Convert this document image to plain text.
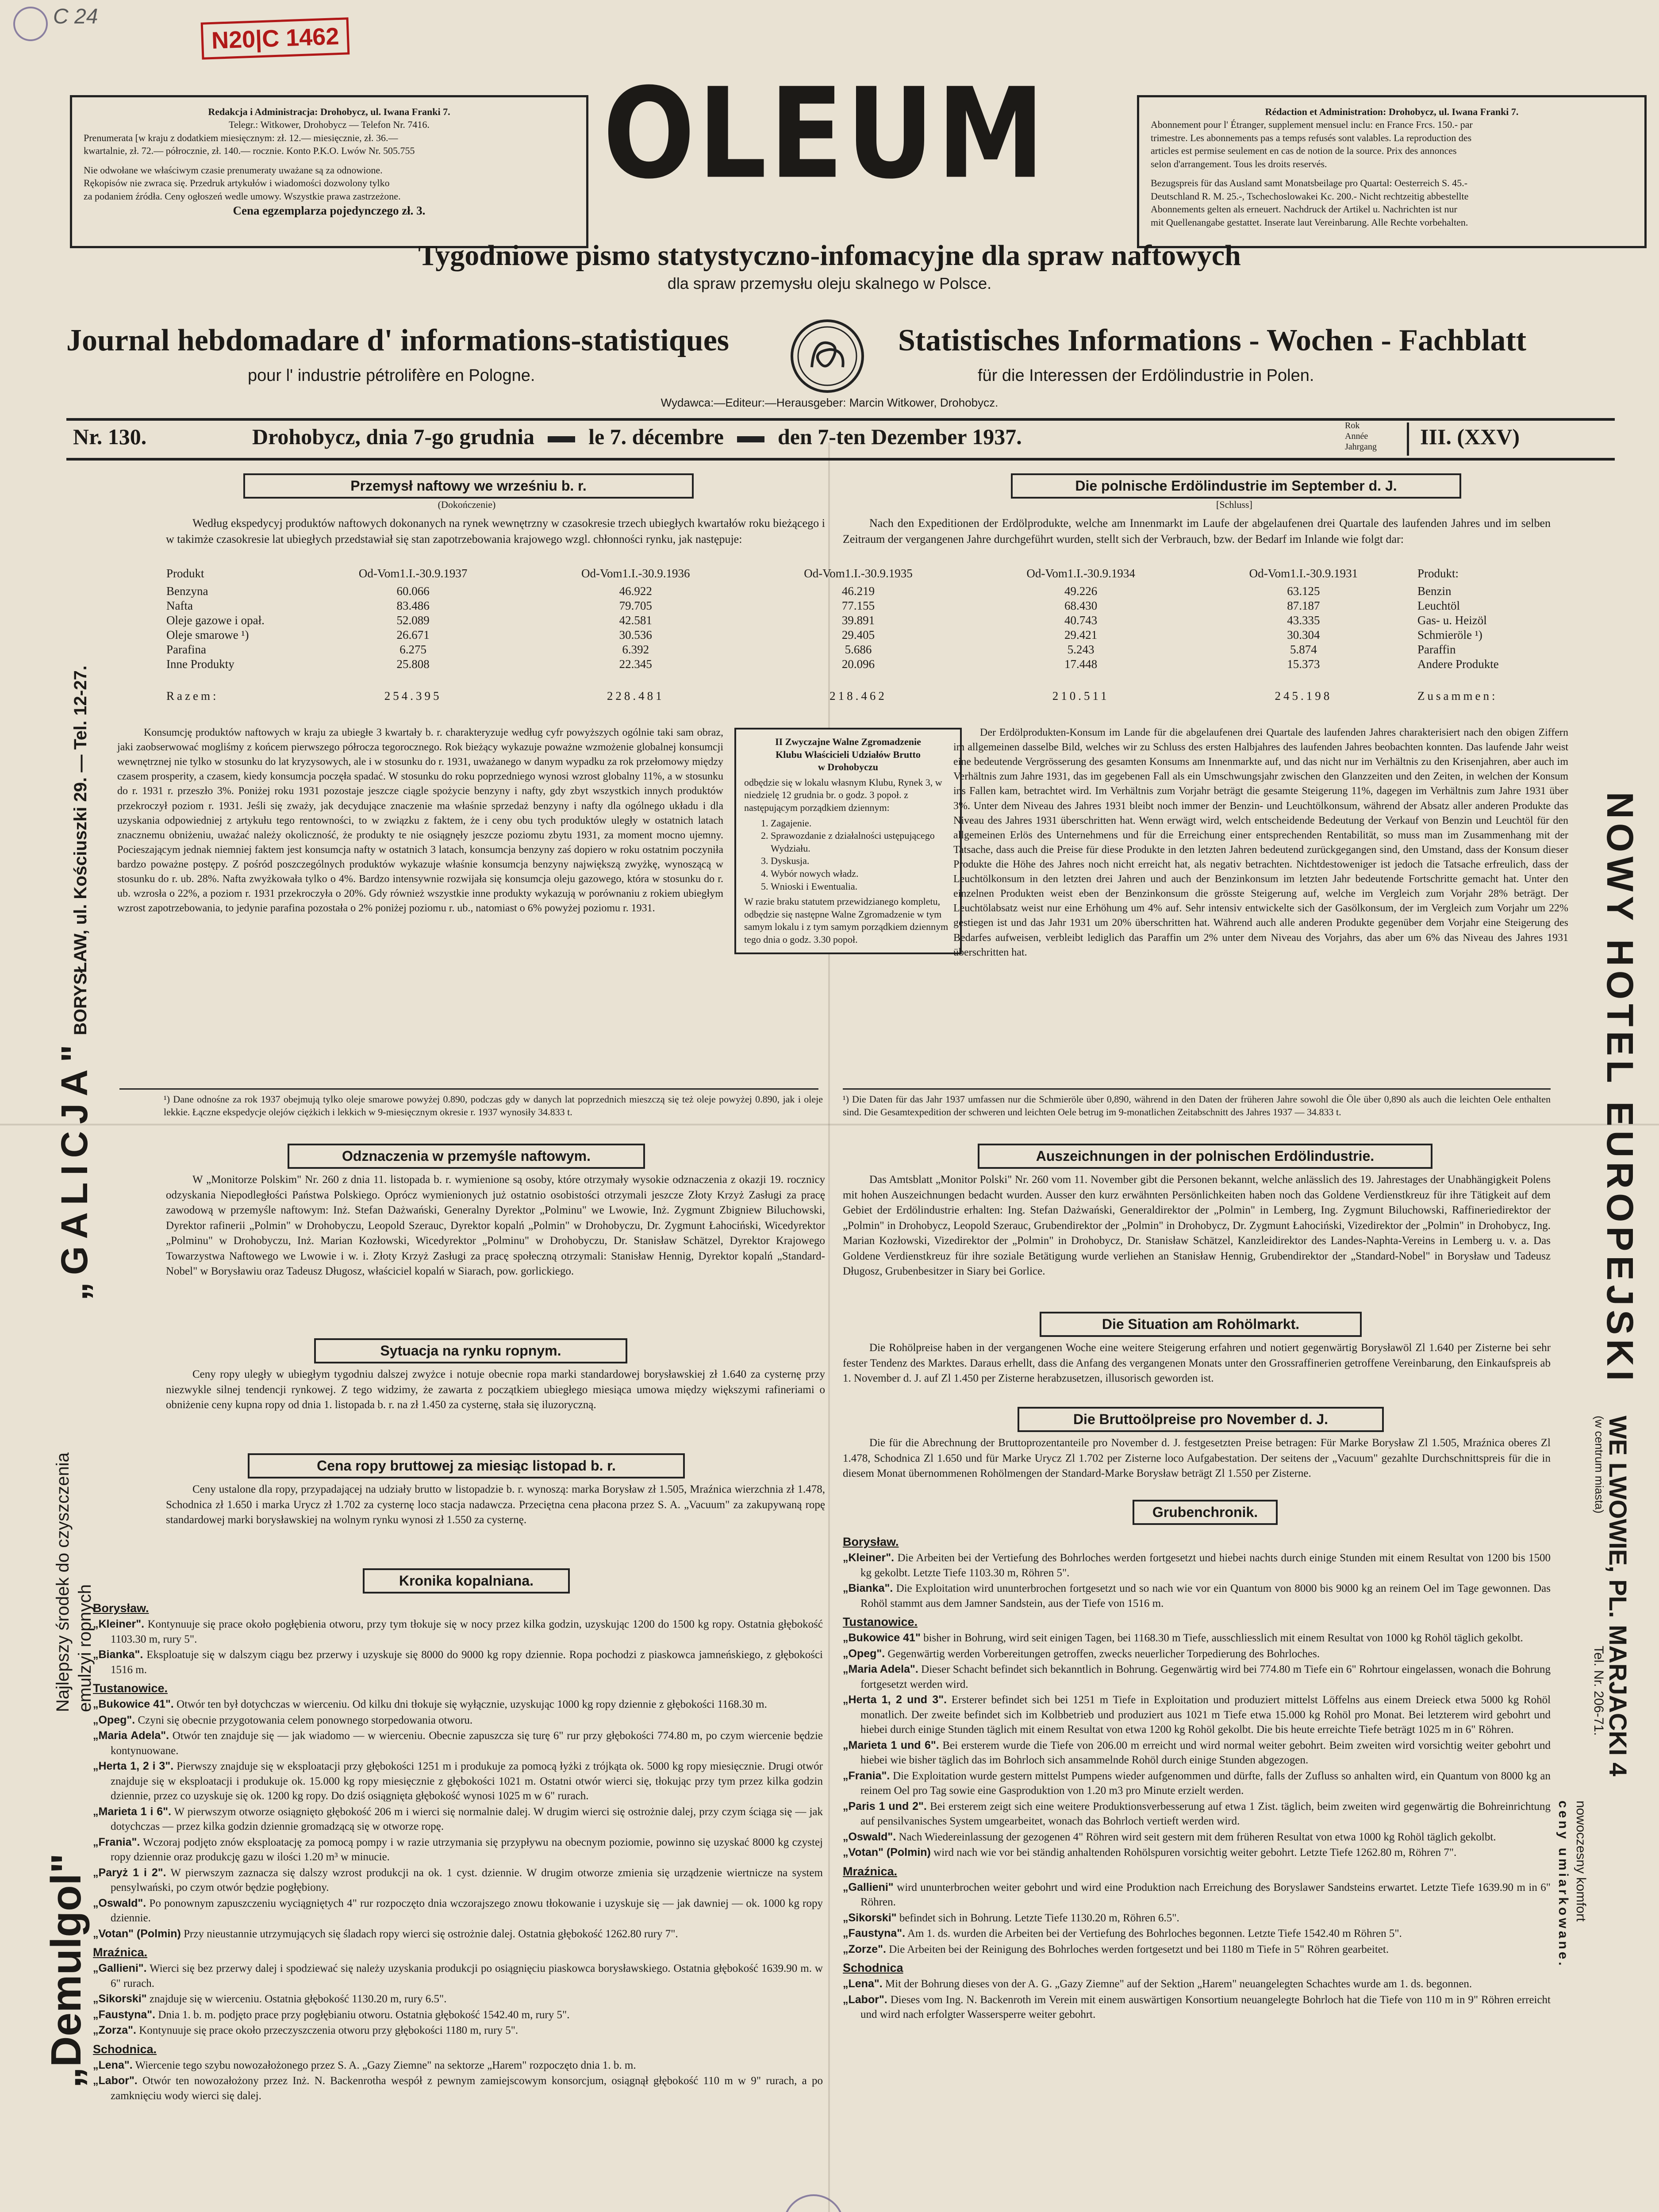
C 24
N20|C 1462

Redakcja i Administracja: Drohobycz, ul. Iwana Franki 7.

Telegr.: Witkower, Drohobycz — Telefon Nr. 7416.

Prenumerata [w kraju z dodatkiem miesięcznym: zł. 12.— miesięcznie, zł. 36.—

kwartalnie, zł. 72.— półrocznie, zł. 140.— rocznie. Konto P.K.O. Lwów Nr. 505.755

Nie odwołane we właściwym czasie prenumeraty uważane są za odnowione.

Rękopisów nie zwraca się. Przedruk artykułów i wiadomości dozwolony tylko

za podaniem źródła. Ceny ogłoszeń wedle umowy. Wszystkie prawa zastrzeżone.

Cena egzemplarza pojedynczego zł. 3.

Rédaction et Administration: Drohobycz, ul. Iwana Franki 7.

Abonnement pour l' Étranger, supplement mensuel inclu: en France Frcs. 150.- par

trimestre. Les abonnements pas a temps refusés sont valables. La reproduction des

articles est permise seulement en cas de notion de la source. Prix des annonces

selon d'arrangement. Tous les droits reservés.

Bezugspreis für das Ausland samt Monatsbeilage pro Quartal: Oesterreich S. 45.-

Deutschland R. M. 25.-, Tschechoslowakei Kc. 200.- Nicht rechtzeitig abbestellte

Abonnements gelten als erneuert. Nachdruck der Artikel u. Nachrichten ist nur

mit Quellenangabe gestattet. Inserate laut Vereinbarung. Alle Rechte vorbehalten.

OLEUM
Tygodniowe pismo statystyczno-infomacyjne dla spraw naftowych
dla spraw przemysłu oleju skalnego w Polsce.
Journal hebdomadare d' informations-statistiques
pour l' industrie pétrolifère en Pologne.
Statistisches Informations - Wochen - Fachblatt
für die Interessen der Erdölindustrie in Polen.
Wydawca:—Editeur:—Herausgeber: Marcin Witkower, Drohobycz.
Nr. 130.	Drohobycz, dnia 7-go grudnia le 7. décembre den 7-ten Dezember 1937.	Rok
Année
Jahrgang III. (XXV)
Przemysł naftowy we wrześniu b. r.
(Dokończenie)

Według ekspedycyj produktów naftowych dokonanych na rynek wewnętrzny w czasokresie trzech ubiegłych kwartałów roku bieżącego i w takimże czasokresie lat ubiegłych przedstawiał się stan zapotrzebowania krajowego wzgl. chłonności rynku, jak następuje:

Die polnische Erdölindustrie im September d. J.
[Schluss]

Nach den Expeditionen der Erdölprodukte, welche am Innenmarkt im Laufe der abgelaufenen drei Quartale des laufenden Jahres und im selben Zeitraum der vergangenen Jahre durchgeführt wurden, stellt sich der Verbrauch, bzw. der Bedarf im Inlande wie folgt dar:

Produkt	Od-Vom1.I.-30.9.1937	Od-Vom1.I.-30.9.1936	Od-Vom1.I.-30.9.1935	Od-Vom1.I.-30.9.1934	Od-Vom1.I.-30.9.1931	Produkt:
Benzyna	60.066	46.922	46.219	49.226	63.125	Benzin
Nafta	83.486	79.705	77.155	68.430	87.187	Leuchtöl
Oleje gazowe i opał.	52.089	42.581	39.891	40.743	43.335	Gas- u. Heizöl
Oleje smarowe ¹)	26.671	30.536	29.405	29.421	30.304	Schmieröle ¹)
Parafina	6.275	6.392	5.686	5.243	5.874	Paraffin
Inne Produkty	25.808	22.345	20.096	17.448	15.373	Andere Produkte
Razem:	254.395	228.481	218.462	210.511	245.198	Zusammen:

Konsumcję produktów naftowych w kraju za ubiegłe 3 kwartały b. r. charakteryzuje według cyfr powyższych ogólnie taki sam obraz, jaki zaobserwować mogliśmy z końcem pierwszego półrocza tegorocznego. Rok bieżący wykazuje poważne wzmożenie globalnej konsumcji wewnętrznej nie tylko w stosunku do lat kryzysowych, ale i w stosunku do r. 1931, uważanego w danym wypadku za rok przełomowy między czasem prosperity, a czasem, kiedy konsumcja poczęła spadać. W stosunku do roku poprzedniego wynosi wzrost globalny 11%, a w stosunku do r. 1931 r. przeszło 3%. Poniżej roku 1931 pozostaje jeszcze ciągle spożycie benzyny i nafty, gdy zbyt wszystkich innych produktów przekroczył poziom r. 1931. Jeśli się zważy, jak decydujące znaczenie ma właśnie sprzedaż benzyny i nafty dla ogólnego układu i dla uzyskania odpowiedniej z artykułu tego rentowności, to w związku z faktem, że i ceny obu tych produktów uległy w ostatnich latach znacznemu obniżeniu, uważać należy okoliczność, że produkty te nie osiągnęły jeszcze poziomu zbytu 1931, za moment mocno ujemny. Pocieszającym jednak niemniej faktem jest konsumcja nafty w ostatnich 3 latach, konsumcja benzyny zaś dopiero w roku ostatnim poczyniła bardzo poważne postępy. Z pośród poszczególnych produktów wykazuje właśnie konsumcja benzyny największą zwyżkę, wynoszącą w stosunku do r. ub. 28%. Nafta zwyżkowała tylko o 4%. Bardzo intensywnie rozwijała się konsumcja oleju gazowego, która w stosunku do r. ub. wzrosła o 22%, a poziom r. 1931 przekroczyła o 20%. Gdy również wszystkie inne produkty wykazują w porównaniu z rokiem ubiegłym wzrost zapotrzebowania, to jedynie parafina pozostała o 2% poniżej poziomu r. ub., natomiast o 6% powyżej poziomu r. 1931.

II Zwyczajne Walne Zgromadzenie
Klubu Właścicieli Udziałów Brutto
w Drohobyczu
odbędzie się w lokalu własnym Klubu, Rynek 3, w niedzielę 12 grudnia br. o godz. 3 popoł. z następującym porządkiem dziennym:
1. Zagajenie.
2. Sprawozdanie z działalności ustępującego Wydziału.
3. Dyskusja.
4. Wybór nowych władz.
5. Wnioski i Ewentualia.
W razie braku statutem przewidzianego kompletu, odbędzie się następne Walne Zgromadzenie w tym samym lokalu i z tym samym porządkiem dziennym tego dnia o godz. 3.30 popoł.

Der Erdölprodukten-Konsum im Lande für die abgelaufenen drei Quartale des laufenden Jahres charakterisiert nach den obigen Ziffern im allgemeinen dasselbe Bild, welches wir zu Schluss des ersten Halbjahres des laufenden Jahres beobachten konnten. Das laufende Jahr weist eine bedeutende Vergrösserung des gesamten Konsums am Innenmarkte auf, und das nicht nur im Verhältnis zu den Krisenjahren, aber auch im Verhältnis zum Jahre 1931, das im gegebenen Fall als ein Umschwungsjahr zwischen den Glanzzeiten und den Zeiten, in welchen der Konsum ins Fallen kam, betrachtet wird. Im Verhältnis zum Vorjahr beträgt die gesamte Steigerung 11%, dagegen im Verhältnis zum Jahre 1931 über 3%. Unter dem Niveau des Jahres 1931 bleibt noch immer der Benzin- und Leuchtölkonsum, während der Absatz aller anderen Produkte das Niveau des Jahres 1931 überschritten hat. Wenn erwägt wird, welch entscheidende Bedeutung der Verkauf von Benzin und Leuchtöl für den allgemeinen Erlös des Unternehmens und für die Erreichung einer entsprechenden Rentabilität, so muss man im Zusammenhang mit der Tatsache, dass auch die Preise für diese Produkte in den letzten Jahren bedeutend zurückgegangen sind, den Umstand, dass der Konsum dieser Produkte die Höhe des Jahres noch nicht erreicht hat, als negativ betrachten. Nichtdestoweniger ist jedoch die Tatsache erfreulich, dass der Leuchtölkonsum in den letzten drei Jahren und auch der Benzinkonsum im letzten Jahr bedeutende Fortschritte gemacht hat. Unter den einzelnen Produkten weist eben der Benzinkonsum die grösste Steigerung auf, welche im Vergleich zum Vorjahr 28% beträgt. Der Leuchtölabsatz weist nur eine Erhöhung um 4% auf. Sehr intensiv entwickelte sich der Gasölkonsum, der im Vergleich zum Vorjahr um 22% gestiegen ist und das Jahr 1931 um 20% überschritten hat. Während auch alle anderen Produkte gegenüber dem Vorjahr eine Steigerung des Bedarfes aufweisen, verbleibt lediglich das Paraffin um 2% unter dem Niveau des Vorjahrs, das aber um 6% das Niveau des Jahres 1931 überschritten hat.

¹) Dane odnośne za rok 1937 obejmują tylko oleje smarowe powyżej 0.890, podczas gdy w danych lat poprzednich mieszczą się też oleje powyżej 0.890, jak i oleje lekkie. Łączne ekspedycje olejów ciężkich i lekkich w 9-miesięcznym okresie r. 1937 wynosiły 34.833 t.
¹) Die Daten für das Jahr 1937 umfassen nur die Schmieröle über 0,890, während in den Daten der früheren Jahre sowohl die Öle über 0,890 als auch die leichten Oele enthalten sind. Die Gesamtexpedition der schweren und leichten Oele betrug im 9-monatlichen Zeitabschnitt des Jahres 1937 — 34.833 t.
Odznaczenia w przemyśle naftowym.

W „Monitorze Polskim" Nr. 260 z dnia 11. listopada b. r. wymienione są osoby, które otrzymały wysokie odznaczenia z okazji 19. rocznicy odzyskania Niepodległości Państwa Polskiego. Oprócz wymienionych już ostatnio osobistości otrzymali jeszcze Złoty Krzyż Zasługi za pracę zawodową w przemyśle naftowym: Inż. Stefan Dażwański, Generalny Dyrektor „Polminu" we Lwowie, Inż. Zygmunt Zbigniew Biluchowski, Dyrektor rafinerii „Polmin" w Drohobyczu, Leopold Szerauc, Dyrektor kopalń „Polmin" w Drohobyczu, Dr. Zygmunt Łahociński, Wicedyrektor „Polminu" w Drohobyczu, Inż. Marian Kozłowski, Wicedyrektor „Polminu" w Drohobyczu, Dr. Stanisław Schätzel, Dyrektor Krajowego Towarzystwa Naftowego we Lwowie i w. i. Złoty Krzyż Zasługi za pracę społeczną otrzymali: Stanisław Hennig, Dyrektor kopalń „Standard-Nobel" w Borysławiu oraz Tadeusz Długosz, właściciel kopalń w Siarach, pow. gorlickiego.

Sytuacja na rynku ropnym.

Ceny ropy uległy w ubiegłym tygodniu dalszej zwyżce i notuje obecnie ropa marki standardowej borysławskiej zł 1.640 za cysternę przy niezwykle silnej tendencji rynkowej. Z tego widzimy, że zawarta z początkiem ubiegłego miesiąca umowa między większymi rafineriami o obniżenie ceny kupna ropy od dnia 1. listopada b. r. na zł 1.450 za cysternę, stała się iluzoryczną.

Cena ropy bruttowej za miesiąc listopad b. r.

Ceny ustalone dla ropy, przypadającej na udziały brutto w listopadzie b. r. wynoszą: marka Borysław zł 1.505, Mraźnica wierzchnia zł 1.478, Schodnica zł 1.650 i marka Urycz zł 1.702 za cysternę loco stacja nadawcza. Przeciętna cena płacona przez S. A. „Vacuum" za zakupywaną ropę standardowej marki borysławskiej na wolnym rynku wynosi zł 1.550 za cysternę.

Kronika kopalniana.
Borysław.
„Kleiner". Kontynuuje się prace około pogłębienia otworu, przy tym tłokuje się w nocy przez kilka godzin, uzyskując 1200 do 1500 kg ropy. Ostatnia głębokość 1103.30 m, rury 5".
„Bianka". Eksploatuje się w dalszym ciągu bez przerwy i uzyskuje się 8000 do 9000 kg ropy dziennie. Ropa pochodzi z piaskowca jamneńskiego, z głębokości 1516 m.
Tustanowice.
„Bukowice 41". Otwór ten był dotychczas w wierceniu. Od kilku dni tłokuje się wyłącznie, uzyskując 1000 kg ropy dziennie z głębokości 1168.30 m.
„Opeg". Czyni się obecnie przygotowania celem ponownego storpedowania otworu.
„Maria Adela". Otwór ten znajduje się — jak wiadomo — w wierceniu. Obecnie zapuszcza się turę 6" rur przy głębokości 774.80 m, po czym wiercenie będzie kontynuowane.
„Herta 1, 2 i 3". Pierwszy znajduje się w eksploatacji przy głębokości 1251 m i produkuje za pomocą łyżki z trójkąta ok. 5000 kg ropy miesięcznie. Drugi otwór znajduje się w eksploatacji i produkuje ok. 15.000 kg ropy miesięcznie z głębokości 1021 m. Ostatni otwór wierci się, tłokując przy tym przez kilka godzin dziennie, przez co uzyskuje się ok. 1200 kg ropy. Do dziś osiągnięta głębokość wynosi 1025 m w 6" rurach.
„Marieta 1 i 6". W pierwszym otworze osiągnięto głębokość 206 m i wierci się normalnie dalej. W drugim wierci się ostrożnie dalej, przy czym ściąga się — jak dotychczas — przez kilka godzin dziennie gromadzącą się w otworze ropę.
„Frania". Wczoraj podjęto znów eksploatację za pomocą pompy i w razie utrzymania się przypływu na obecnym poziomie, powinno się uzyskać 8000 kg czystej ropy dziennie oraz produkcję gazu w ilości 1.20 m³ w minucie.
„Paryż 1 i 2". W pierwszym zaznacza się dalszy wzrost produkcji na ok. 1 cyst. dziennie. W drugim otworze zmienia się urządzenie wiertnicze na system pensylwański, po czym otwór będzie pogłębiony.
„Oswald". Po ponownym zapuszczeniu wyciągniętych 4" rur rozpoczęto dnia wczorajszego znowu tłokowanie i uzyskuje się — jak dawniej — ok. 1000 kg ropy dziennie.
„Votan" (Polmin) Przy nieustannie utrzymujących się śladach ropy wierci się ostrożnie dalej. Ostatnia głębokość 1262.80 rury 7".
Mraźnica.
„Gallieni". Wierci się bez przerwy dalej i spodziewać się należy uzyskania produkcji po osiągnięciu piaskowca borysławskiego. Ostatnia głębokość 1639.90 m. w 6" rurach.
„Sikorski" znajduje się w wierceniu. Ostatnia głębokość 1130.20 m, rury 6.5".
„Faustyna". Dnia 1. b. m. podjęto prace przy pogłębianiu otworu. Ostatnia głębokość 1542.40 m, rury 5".
„Zorza". Kontynuuje się prace około przeczyszczenia otworu przy głębokości 1180 m, rury 5".
Schodnica.
„Lena". Wiercenie tego szybu nowozałożonego przez S. A. „Gazy Ziemne" na sektorze „Harem" rozpoczęto dnia 1. b. m.
„Labor". Otwór ten nowozałożony przez Inż. N. Backenrotha wespół z pewnym zamiejscowym konsorcjum, osiągnął głębokość 110 m w 9" rurach, a po zamknięciu wody wierci się dalej.
Auszeichnungen in der polnischen Erdölindustrie.

Das Amtsblatt „Monitor Polski" Nr. 260 vom 11. November gibt die Personen bekannt, welche anlässlich des 19. Jahrestages der Unabhängigkeit Polens mit hohen Auszeichnungen bedacht wurden. Ausser den kurz erwähnten Persönlichkeiten haben noch das Goldene Verdienstkreuz für ihre Tätigkeit auf dem Gebiet der Erdölindustrie erhalten: Ing. Stefan Dażwański, Generaldirektor der „Polmin" in Lemberg, Ing. Zygmunt Biluchowski, Raffineriedirektor der „Polmin" in Drohobycz, Leopold Szerauc, Grubendirektor der „Polmin" in Drohobycz, Dr. Zygmunt Łahociński, Vizedirektor der „Polmin" in Drohobycz, Ing. Marian Kozłowski, Vizedirektor der „Polmin" in Drohobycz, Dr. Stanisław Schätzel, Kanzleidirektor des Landes-Naphta-Vereins in Lemberg u. v. a. Das Goldene Verdienstkreuz für ihre soziale Betätigung wurde verliehen an Stanisław Hennig, Grubendirektor der „Standard-Nobel" in Borysław und Tadeusz Długosz, Grubenbesitzer in Siary bei Gorlice.

Die Situation am Rohölmarkt.

Die Rohölpreise haben in der vergangenen Woche eine weitere Steigerung erfahren und notiert gegenwärtig Borysławöl Zl 1.640 per Zisterne bei sehr fester Tendenz des Marktes. Daraus erhellt, dass die Anfang des vergangenen Monats unter den Grossraffinerien getroffene Vereinbarung, den Einkaufspreis ab 1. November d. J. auf Zl 1.450 per Zisterne herabzusetzen, illusorisch geworden ist.

Die Bruttoölpreise pro November d. J.

Die für die Abrechnung der Bruttoprozentanteile pro November d. J. festgesetzten Preise betragen: Für Marke Borysław Zl 1.505, Mraźnica oberes Zl 1.478, Schodnica Zl 1.650 und für Marke Urycz Zl 1.702 per Zisterne loco Aufgabestation. Der seitens der „Vacuum" gezahlte Durchschnittspreis für die in diesem Monat übernommenen Rohölmengen der Standard-Marke Borysław beträgt Zl 1.550 per Zisterne.

Grubenchronik.
Borysław.
„Kleiner". Die Arbeiten bei der Vertiefung des Bohrloches werden fortgesetzt und hiebei nachts durch einige Stunden mit einem Resultat von 1200 bis 1500 kg gekolbt. Letzte Tiefe 1103.30 m, Röhren 5".
„Bianka". Die Exploitation wird ununterbrochen fortgesetzt und so nach wie vor ein Quantum von 8000 bis 9000 kg an reinem Oel im Tage gewonnen. Das Rohöl stammt aus dem Jamner Sandstein, aus der Tiefe von 1516 m.
Tustanowice.
„Bukowice 41" bisher in Bohrung, wird seit einigen Tagen, bei 1168.30 m Tiefe, ausschliesslich mit einem Resultat von 1000 kg Rohöl täglich gekolbt.
„Opeg". Gegenwärtig werden Vorbereitungen getroffen, zwecks neuerlicher Torpedierung des Bohrloches.
„Maria Adela". Dieser Schacht befindet sich bekanntlich in Bohrung. Gegenwärtig wird bei 774.80 m Tiefe ein 6" Rohrtour eingelassen, wonach die Bohrung fortgesetzt werden wird.
„Herta 1, 2 und 3". Ersterer befindet sich bei 1251 m Tiefe in Exploitation und produziert mittelst Löffelns aus einem Dreieck etwa 5000 kg Rohöl monatlich. Der zweite befindet sich im Kolbbetrieb und produziert aus 1021 m Tiefe etwa 15.000 kg Rohöl pro Monat. Bei letzterem wird gebohrt und hiebei durch einige Stunden täglich mit einem Resultat von etwa 1200 kg Rohöl gekolbt. Die bis heute erreichte Tiefe beträgt 1025 m in 6" Röhren.
„Marieta 1 und 6". Bei ersterem wurde die Tiefe von 206.00 m erreicht und wird normal weiter gebohrt. Beim zweiten wird vorsichtig weiter gebohrt und hiebei wie bisher täglich das im Bohrloch sich ansammelnde Rohöl durch einige Stunden abgezogen.
„Frania". Die Exploitation wurde gestern mittelst Pumpens wieder aufgenommen und dürfte, falls der Zufluss so anhalten wird, ein Quantum von 8000 kg an reinem Oel pro Tag sowie eine Gasproduktion von 1.20 m3 pro Minute erzielt werden.
„Paris 1 und 2". Bei ersterem zeigt sich eine weitere Produktionsverbesserung auf etwa 1 Zist. täglich, beim zweiten wird gegenwärtig die Bohreinrichtung auf pensilvanisches System umgearbeitet, wonach das Bohrloch vertieft werden wird.
„Oswald". Nach Wiedereinlassung der gezogenen 4" Röhren wird seit gestern mit dem früheren Resultat von etwa 1000 kg Rohöl täglich gekolbt.
„Votan" (Polmin) wird nach wie vor bei ständig anhaltenden Rohölspuren vorsichtig weiter gebohrt. Letzte Tiefe 1262.80 m, Röhren 7".
Mraźnica.
„Gallieni" wird ununterbrochen weiter gebohrt und wird eine Produktion nach Erreichung des Boryslawer Sandsteins erwartet. Letzte Tiefe 1639.90 m in 6" Röhren.
„Sikorski" befindet sich in Bohrung. Letzte Tiefe 1130.20 m, Röhren 6.5".
„Faustyna". Am 1. ds. wurden die Arbeiten bei der Vertiefung des Bohrloches begonnen. Letzte Tiefe 1542.40 m Röhren 5".
„Zorze". Die Arbeiten bei der Reinigung des Bohrloches werden fortgesetzt und bei 1180 m Tiefe in 5" Röhren gearbeitet.
Schodnica
„Lena". Mit der Bohrung dieses von der A. G. „Gazy Ziemne" auf der Sektion „Harem" neuangelegten Schachtes wurde am 1. ds. begonnen.
„Labor". Dieses vom Ing. N. Backenroth im Verein mit einem auswärtigen Konsortium neuangelegte Bohrloch hat die Tiefe von 110 m in 9" Röhren erreicht und wird nach erfolgter Wassersperre weiter gebohrt.
„GALICJA"
BORYSŁAW, ul. Kościuszki 29. — Tel. 12-27.
„Demulgol"
Najlepszy środek do czyszczenia emulzyi ropnych
NOWY HOTEL EUROPEJSKI
WE LWOWIE, PL. MARJACKI 4
(w centrum miasta)
Tel. Nr. 206-71.
nowoczesny komfort
ceny umiarkowane.
